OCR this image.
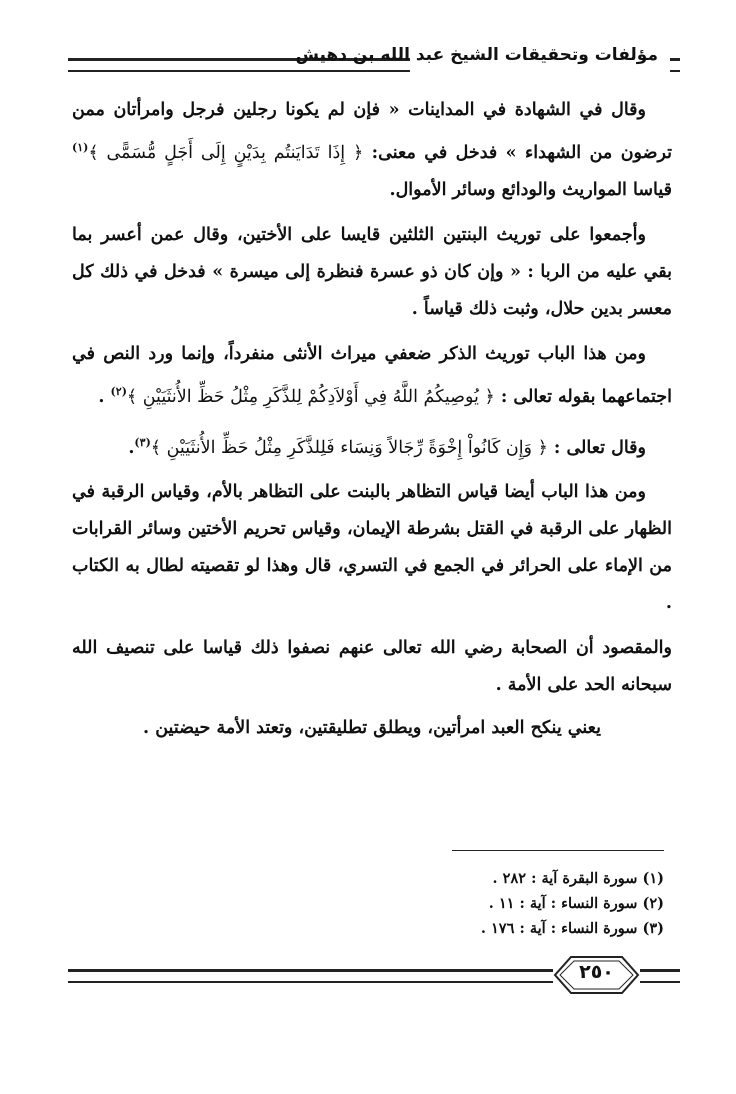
مؤلفات وتحقيقات الشيخ عبد الله بن دهيش

وقال في الشهادة في المداينات « فإن لم يكونا رجلين فرجل وامرأتان ممن ترضون من الشهداء » فدخل في معنى: ﴿ إِذَا تَدَايَنتُم بِدَيْنٍ إِلَى أَجَلٍ مُّسَمًّى ﴾$^{(١)}$ قياسا المواريث والودائع وسائر الأموال.

وأجمعوا على توريث البنتين الثلثين قايسا على الأختين، وقال عمن أعسر بما بقي عليه من الربا : « وإن كان ذو عسرة فنظرة إلى ميسرة » فدخل في ذلك كل معسر بدين حلال، وثبت ذلك قياساً .

ومن هذا الباب توريث الذكر ضعفي ميراث الأنثى منفرداً، وإنما ورد النص في اجتماعهما بقوله تعالى : ﴿ يُوصِيكُمُ اللَّهُ فِي أَوْلاَدِكُمْ لِلذَّكَرِ مِثْلُ حَظِّ الأُنثَيَيْنِ ﴾$^{(٢)}$ .

وقال تعالى : ﴿ وَإِن كَانُواْ إِخْوَةً رِّجَالاً وَنِسَاء فَلِلذَّكَرِ مِثْلُ حَظِّ الأُنثَيَيْنِ ﴾$^{(٣)}$.

ومن هذا الباب أيضا قياس التظاهر بالبنت على التظاهر بالأم، وقياس الرقبة في الظهار على الرقبة في القتل بشرطة الإيمان، وقياس تحريم الأختين وسائر القرابات من الإماء على الحرائر في الجمع في التسري، قال وهذا لو تقصيته لطال به الكتاب .

والمقصود أن الصحابة رضي الله تعالى عنهم نصفوا ذلك قياسا على تنصيف الله سبحانه الحد على الأمة .

يعني ينكح العبد امرأتين، ويطلق تطليقتين، وتعتد الأمة حيضتين .

(١) سورة البقرة آية : ٢٨٢ .
(٢) سورة النساء : آية : ١١ .
(٣) سورة النساء : آية : ١٧٦ .
٢٥٠
